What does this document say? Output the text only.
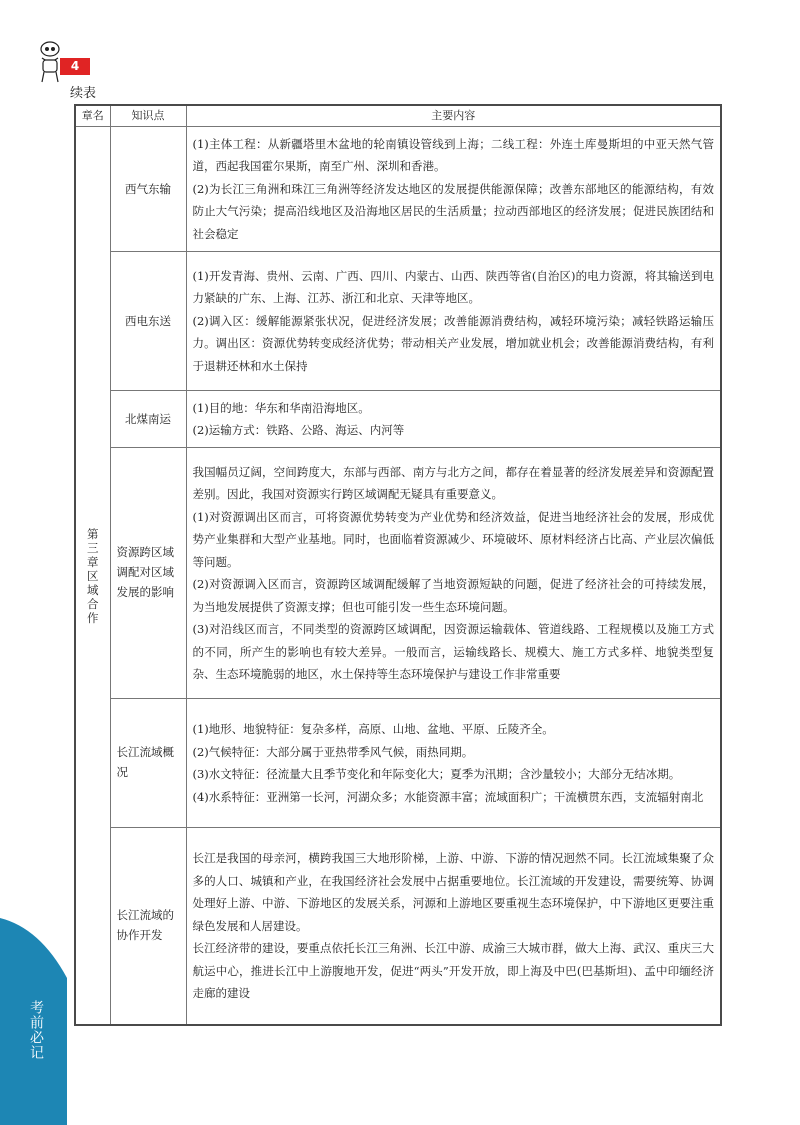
考前必记
4
续表
章名	知识点	主要内容

第三章　区域合作	西气东输	(1)主体工程：从新疆塔里木盆地的轮南镇设管线到上海；二线工程：外连土库曼斯坦的中亚天然气管道，西起我国霍尔果斯，南至广州、深圳和香港。

(2)为长江三角洲和珠江三角洲等经济发达地区的发展提供能源保障；改善东部地区的能源结构，有效防止大气污染；提高沿线地区及沿海地区居民的生活质量；拉动西部地区的经济发展；促进民族团结和社会稳定

	西电东送	(1)开发青海、贵州、云南、广西、四川、内蒙古、山西、陕西等省(自治区)的电力资源，将其输送到电力紧缺的广东、上海、江苏、浙江和北京、天津等地区。

(2)调入区：缓解能源紧张状况，促进经济发展；改善能源消费结构，减轻环境污染；减轻铁路运输压力。调出区：资源优势转变成经济优势；带动相关产业发展，增加就业机会；改善能源消费结构，有利于退耕还林和水土保持

	北煤南运	(1)目的地：华东和华南沿海地区。

(2)运输方式：铁路、公路、海运、内河等

	资源跨区域调配对区域发展的影响	我国幅员辽阔，空间跨度大，东部与西部、南方与北方之间，都存在着显著的经济发展差异和资源配置差别。因此，我国对资源实行跨区域调配无疑具有重要意义。

(1)对资源调出区而言，可将资源优势转变为产业优势和经济效益，促进当地经济社会的发展，形成优势产业集群和大型产业基地。同时，也面临着资源减少、环境破坏、原材料经济占比高、产业层次偏低等问题。

(2)对资源调入区而言，资源跨区域调配缓解了当地资源短缺的问题，促进了经济社会的可持续发展，为当地发展提供了资源支撑；但也可能引发一些生态环境问题。

(3)对沿线区而言，不同类型的资源跨区域调配，因资源运输载体、管道线路、工程规模以及施工方式的不同，所产生的影响也有较大差异。一般而言，运输线路长、规模大、施工方式多样、地貌类型复杂、生态环境脆弱的地区，水土保持等生态环境保护与建设工作非常重要

	长江流域概况	(1)地形、地貌特征：复杂多样，高原、山地、盆地、平原、丘陵齐全。

(2)气候特征：大部分属于亚热带季风气候，雨热同期。

(3)水文特征：径流量大且季节变化和年际变化大；夏季为汛期；含沙量较小；大部分无结冰期。

(4)水系特征：亚洲第一长河，河湖众多；水能资源丰富；流域面积广；干流横贯东西，支流辐射南北

	长江流域的协作开发	长江是我国的母亲河，横跨我国三大地形阶梯，上游、中游、下游的情况迥然不同。长江流域集聚了众多的人口、城镇和产业，在我国经济社会发展中占据重要地位。长江流域的开发建设，需要统筹、协调处理好上游、中游、下游地区的发展关系，河源和上游地区要重视生态环境保护，中下游地区更要注重绿色发展和人居建设。

长江经济带的建设，要重点依托长江三角洲、长江中游、成渝三大城市群，做大上海、武汉、重庆三大航运中心，推进长江中上游腹地开发，促进“两头”开发开放，即上海及中巴(巴基斯坦)、孟中印缅经济走廊的建设
